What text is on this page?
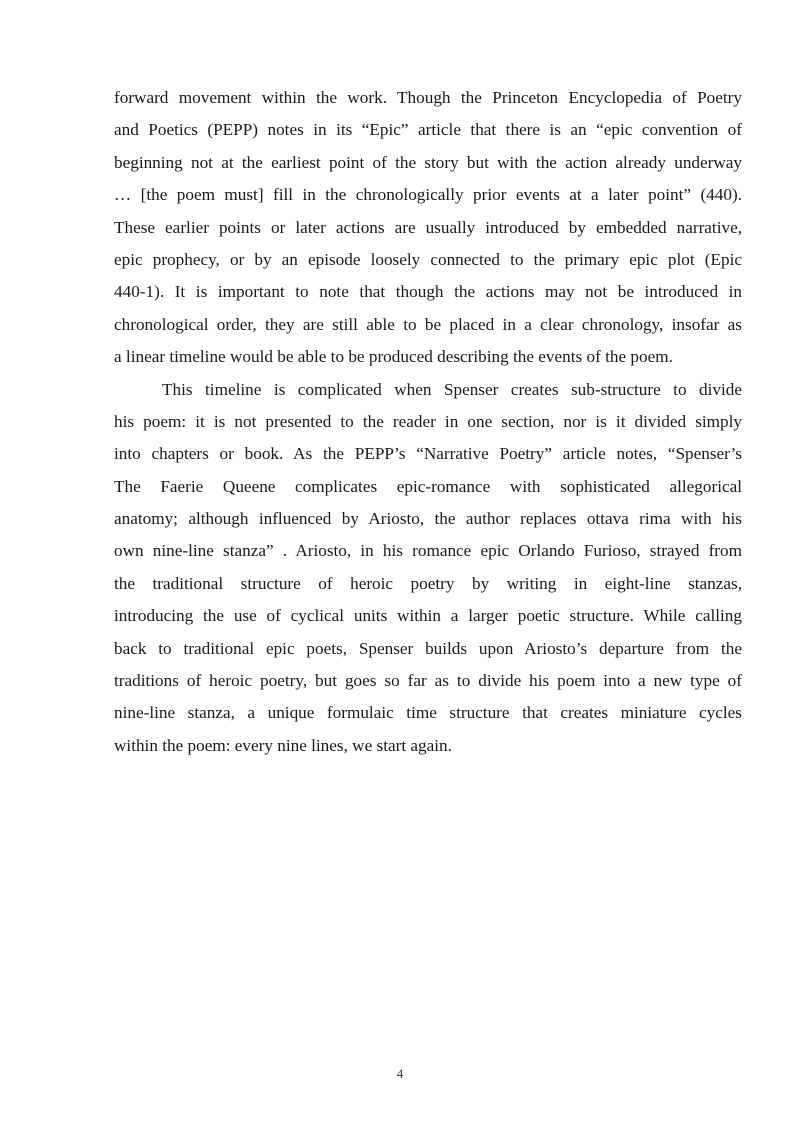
forward movement within the work. Though the Princeton Encyclopedia of Poetry
and Poetics (PEPP) notes in its “Epic” article that there is an “epic convention of
beginning not at the earliest point of the story but with the action already underway
… [the poem must] fill in the chronologically prior events at a later point” (440).
These earlier points or later actions are usually introduced by embedded narrative,
epic prophecy, or by an episode loosely connected to the primary epic plot (Epic
440-1). It is important to note that though the actions may not be introduced in
chronological order, they are still able to be placed in a clear chronology, insofar as
a linear timeline would be able to be produced describing the events of the poem.
This timeline is complicated when Spenser creates sub-structure to divide
his poem: it is not presented to the reader in one section, nor is it divided simply
into chapters or book. As the PEPP’s “Narrative Poetry” article notes, “Spenser’s
The Faerie Queene complicates epic-romance with sophisticated allegorical
anatomy; although influenced by Ariosto, the author replaces ottava rima with his
own nine-line stanza” . Ariosto, in his romance epic Orlando Furioso, strayed from
the traditional structure of heroic poetry by writing in eight-line stanzas,
introducing the use of cyclical units within a larger poetic structure. While calling
back to traditional epic poets, Spenser builds upon Ariosto’s departure from the
traditions of heroic poetry, but goes so far as to divide his poem into a new type of
nine-line stanza, a unique formulaic time structure that creates miniature cycles
within the poem: every nine lines, we start again.
4
